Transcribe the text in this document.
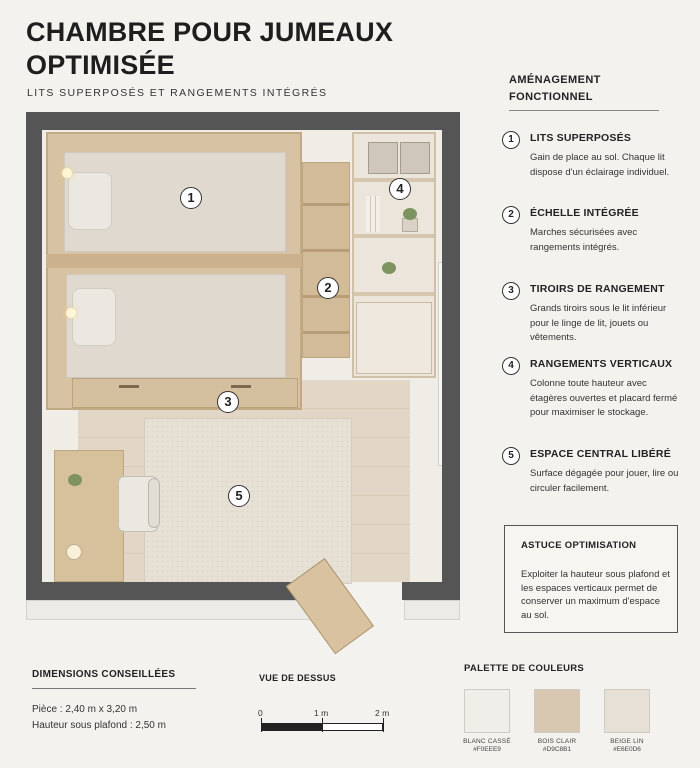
CHAMBRE POUR JUMEAUX
OPTIMISÉE
LITS SUPERPOSÉS ET RANGEMENTS INTÉGRÉS
1
2
3
4
5
AMÉNAGEMENT
FONCTIONNEL
1	LITS SUPERPOSÉS
Gain de place au sol. Chaque lit dispose d'un éclairage individuel.
2	ÉCHELLE INTÉGRÉE
Marches sécurisées avec rangements intégrés.
3	TIROIRS DE RANGEMENT
Grands tiroirs sous le lit inférieur pour le linge de lit, jouets ou vêtements.
4	RANGEMENTS VERTICAUX
Colonne toute hauteur avec étagères ouvertes et placard fermé pour maximiser le stockage.
5	ESPACE CENTRAL LIBÉRÉ
Surface dégagée pour jouer, lire ou circuler facilement.
ASTUCE OPTIMISATION
Exploiter la hauteur sous plafond et les espaces verticaux permet de conserver un maximum d'espace au sol.
DIMENSIONS CONSEILLÉES
Pièce : 2,40 m x 3,20 m
Hauteur sous plafond : 2,50 m
VUE DE DESSUS
0	1 m	2 m
PALETTE DE COULEURS
BLANC CASSÉ
#F0EEE9
BOIS CLAIR
#D9C8B1
BEIGE LIN
#E6E0D6
